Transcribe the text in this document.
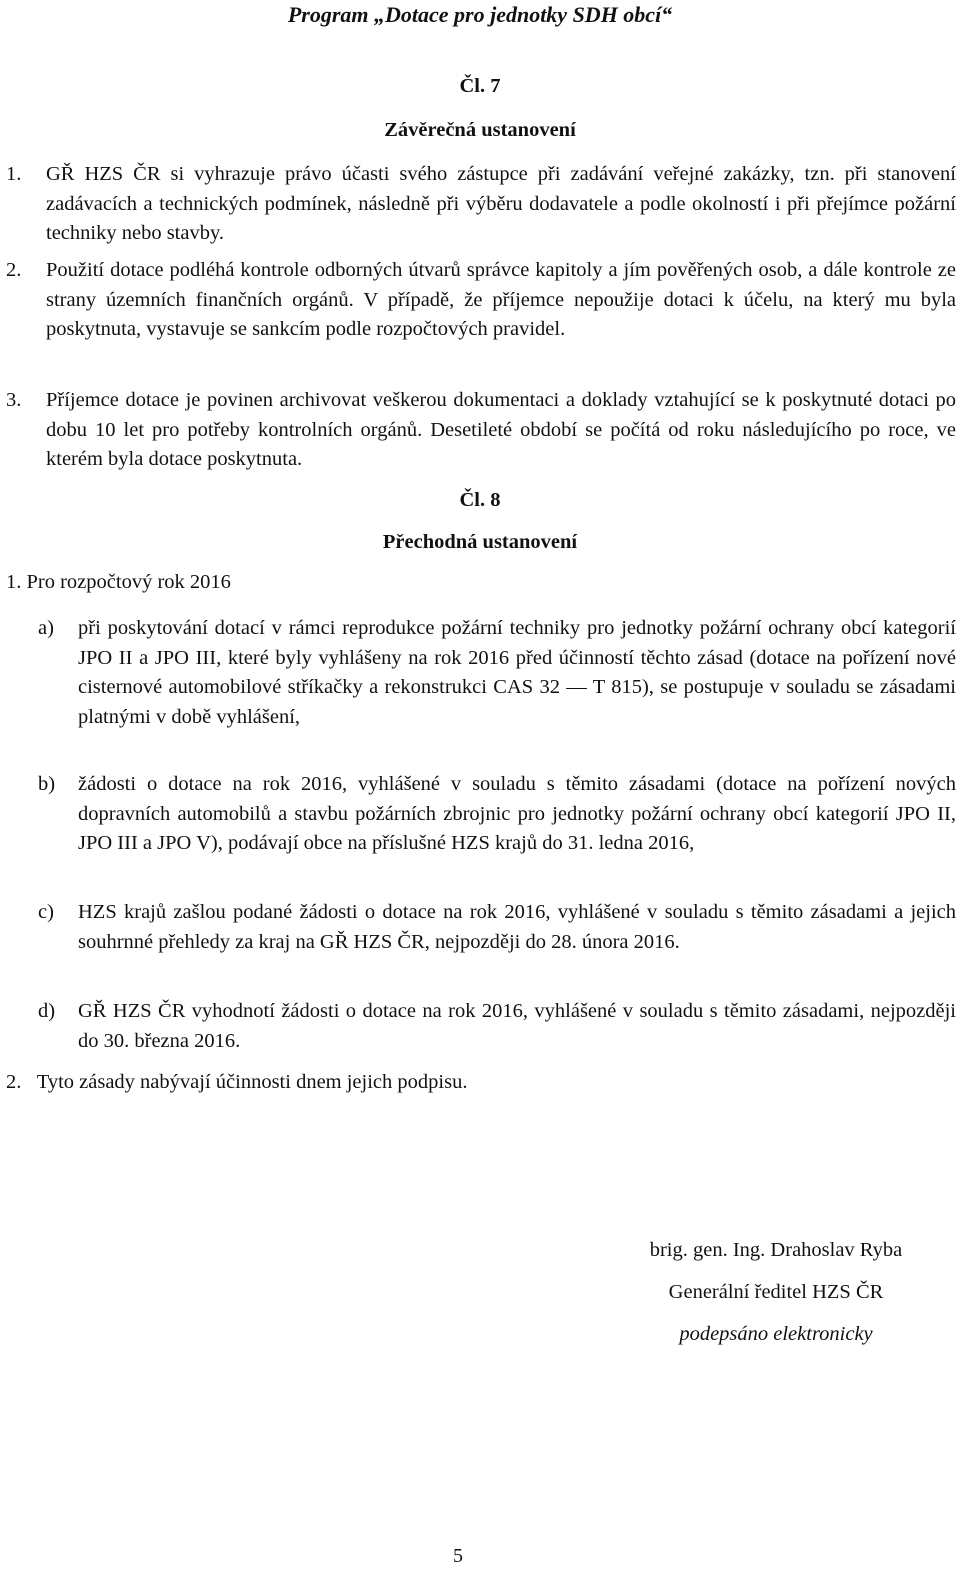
Program „Dotace pro jednotky SDH obcí“
Čl. 7
Závěrečná ustanovení
1.	GŘ HZS ČR si vyhrazuje právo účasti svého zástupce při zadávání veřejné zakázky, tzn. při stanovení zadávacích a technických podmínek, následně při výběru dodavatele a podle okolností i při přejímce požární techniky nebo stavby.
2.	Použití dotace podléhá kontrole odborných útvarů správce kapitoly a jím pověřených osob, a dále kontrole ze strany územních finančních orgánů. V případě, že příjemce nepoužije dotaci k účelu, na který mu byla poskytnuta, vystavuje se sankcím podle rozpočtových pravidel.
3.	Příjemce dotace je povinen archivovat veškerou dokumentaci a doklady vztahující se k poskytnuté dotaci po dobu 10 let pro potřeby kontrolních orgánů. Desetileté období se počítá od roku následujícího po roce, ve kterém byla dotace poskytnuta.
Čl. 8
Přechodná ustanovení
1. Pro rozpočtový rok 2016
a)	při poskytování dotací v rámci reprodukce požární techniky pro jednotky požární ochrany obcí kategorií JPO II a JPO III, které byly vyhlášeny na rok 2016 před účinností těchto zásad (dotace na pořízení nové cisternové automobilové stříkačky a rekonstrukci CAS 32 — T 815), se postupuje v souladu se zásadami platnými v době vyhlášení,
b)	žádosti o dotace na rok 2016, vyhlášené v souladu s těmito zásadami (dotace na pořízení nových dopravních automobilů a stavbu požárních zbrojnic pro jednotky požární ochrany obcí kategorií JPO II, JPO III a JPO V), podávají obce na příslušné HZS krajů do 31. ledna 2016,
c)	HZS krajů zašlou podané žádosti o dotace na rok 2016, vyhlášené v souladu s těmito zásadami a jejich souhrnné přehledy za kraj na GŘ HZS ČR, nejpozději do 28. února 2016.
d)	GŘ HZS ČR vyhodnotí žádosti o dotace na rok 2016, vyhlášené v souladu s těmito zásadami, nejpozději do 30. března 2016.
2.   Tyto zásady nabývají účinnosti dnem jejich podpisu.
brig. gen. Ing. Drahoslav Ryba
Generální ředitel HZS ČR
podepsáno elektronicky
5
